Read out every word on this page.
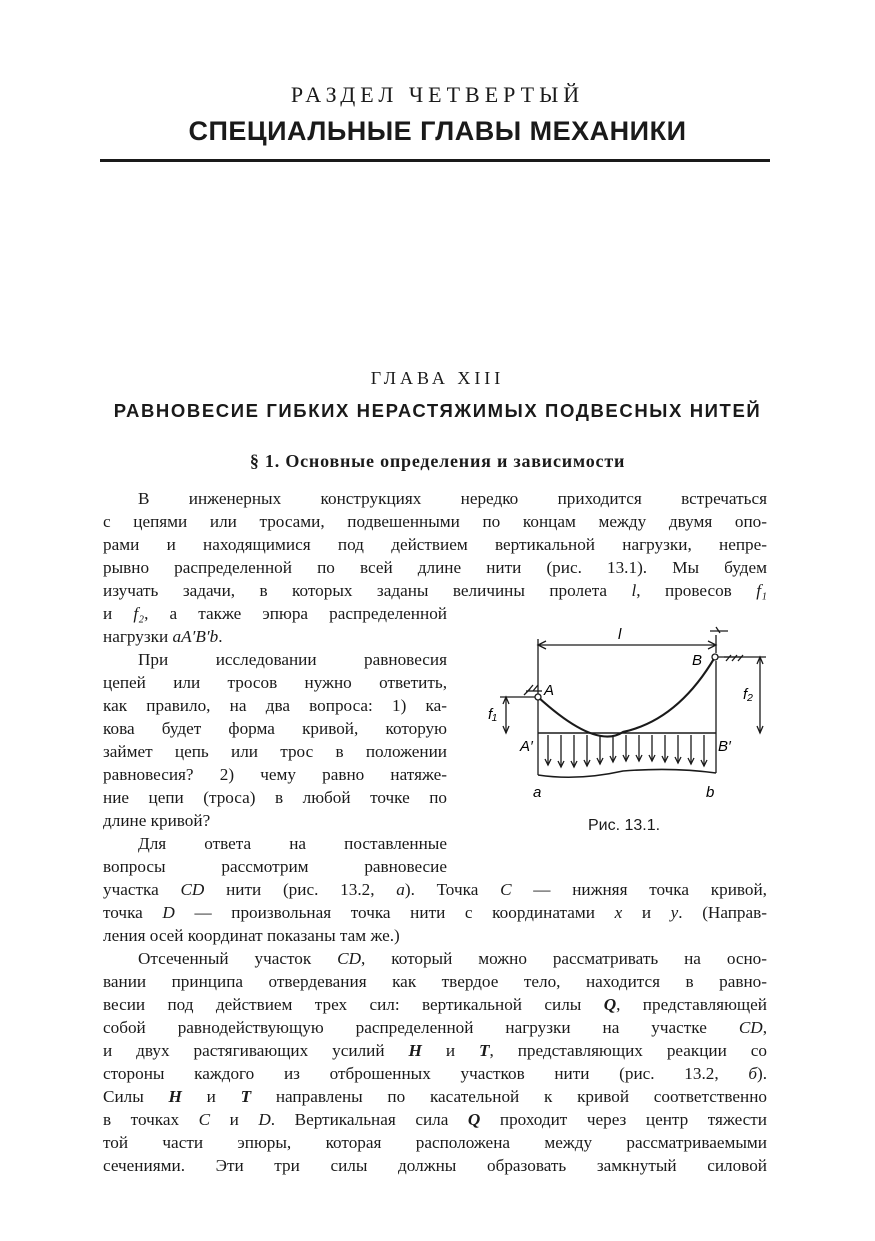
РАЗДЕЛ ЧЕТВЕРТЫЙ
СПЕЦИАЛЬНЫЕ ГЛАВЫ МЕХАНИКИ
ГЛАВА XIII
РАВНОВЕСИЕ ГИБКИХ НЕРАСТЯЖИМЫХ ПОДВЕСНЫХ НИТЕЙ
§ 1. Основные определения и зависимости
В инженерных конструкциях нередко приходится встречаться
с цепями или тросами, подвешенными по концам между двумя опо-
рами и находящимися под действием вертикальной нагрузки, непре-
рывно распределенной по всей длине нити (рис. 13.1). Мы будем
изучать задачи, в которых заданы величины пролета l, провесов f₁
и f₂, а также эпюра распределенной
нагрузки aA′B′b.
При исследовании равновесия
цепей или тросов нужно ответить,
как правило, на два вопроса: 1) ка-
кова будет форма кривой, которую
займет цепь или трос в положении
равновесия? 2) чему равно натяже-
ние цепи (троса) в любой точке по
длине кривой?
Для ответа на поставленные
вопросы рассмотрим равновесие
участка CD нити (рис. 13.2, а). Точка C — нижняя точка кривой,
точка D — произвольная точка нити с координатами x и y. (Направ-
ления осей координат показаны там же.)
Отсеченный участок CD, который можно рассматривать на осно-
вании принципа отвердевания как твердое тело, находится в равно-
весии под действием трех сил: вертикальной силы Q, представляющей
собой равнодействующую распределенной нагрузки на участке CD,
и двух растягивающих усилий H и T, представляющих реакции со
стороны каждого из отброшенных участков нити (рис. 13.2, б).
Силы H и T направлены по касательной к кривой соответственно
в точках C и D. Вертикальная сила Q проходит через центр тяжести
той части эпюры, которая расположена между рассматриваемыми
сечениями. Эти три силы должны образовать замкнутый силовой
l
A
B
A′	B′
f₁
f₂
a	b
Рис. 13.1.
